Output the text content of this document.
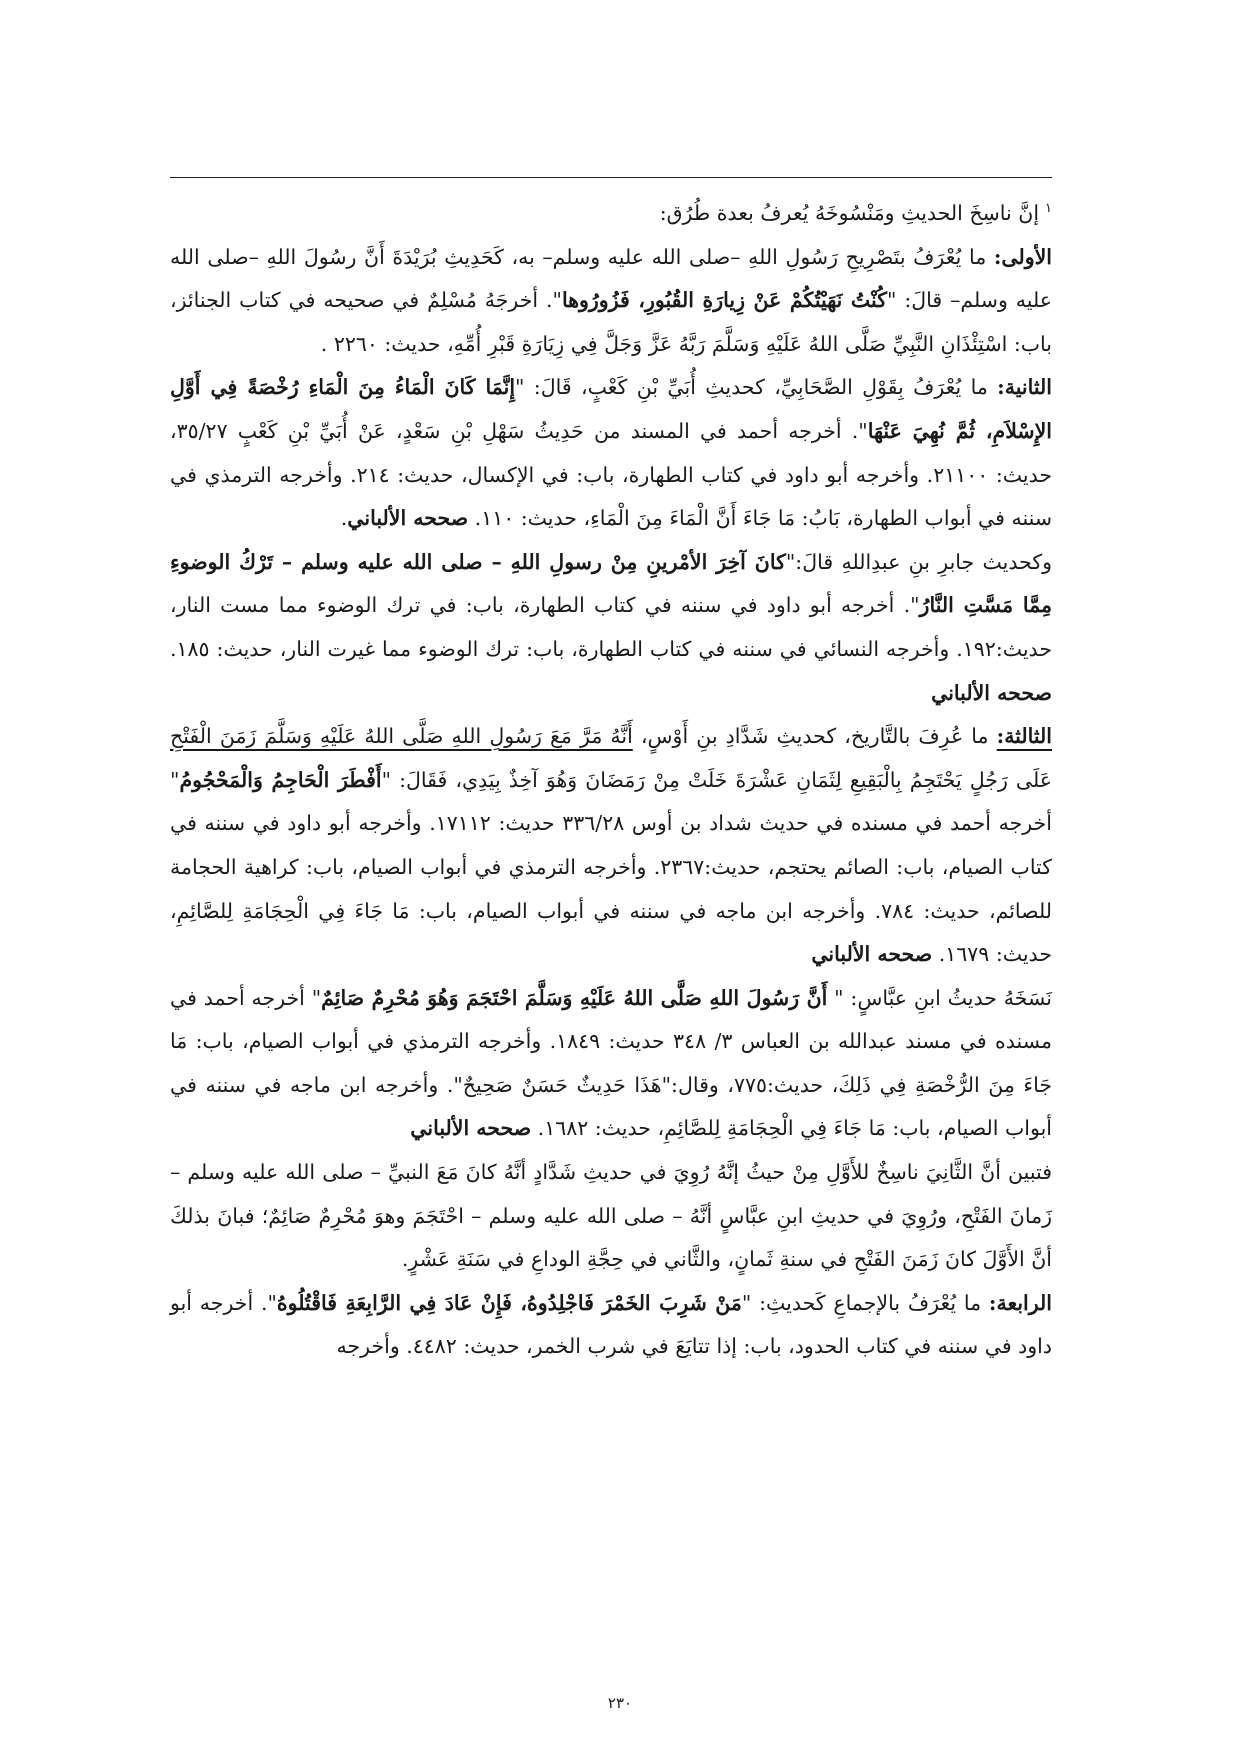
$^١$إنَّ ناسِخَ الحديثِ ومَنْسُوخَهُ يُعرفُ بعدة طُرُق:

الأولى: ما يُعْرَفُ بتَصْرِيحِ رَسُولِ اللهِ –صلى الله عليه وسلم– به، كَحَدِيثِ بُرَيْدَةَ أَنَّ رسُولَ اللهِ –صلى الله عليه وسلم– قالَ: "كُنْتُ نَهَيْتُكُمْ عَنْ زِيارَةِ القُبُورِ، فَزُورُوها". أخرجَهُ مُسْلِمٌ في صحيحه في كتاب الجنائز، باب: اسْتِئْذَانِ النَّبِيِّ صَلَّى اللهُ عَلَيْهِ وَسَلَّمَ رَبَّهُ عَزَّ وَجَلَّ فِي زِيَارَةِ قَبْرِ أُمِّهِ، حديث: ٢٢٦٠ .

الثانية: ما يُعْرَفُ بِقَوْلِ الصَّحَابِيِّ، كحديثِ أُبَيِّ بْنِ كَعْبٍ، قَالَ: "إِنَّمَا كَانَ الْمَاءُ مِنَ الْمَاءِ رُخْصَةً فِي أَوَّلِ الإِسْلاَمِ، ثُمَّ نُهِيَ عَنْهَا". أخرجه أحمد في المسند من حَدِيثُ سَهْلِ بْنِ سَعْدٍ، عَنْ أُبَيِّ بْنِ كَعْبٍ ٣٥/٢٧، حديث: ٢١١٠٠. وأخرجه أبو داود في كتاب الطهارة، باب: في الإكسال، حديث: ٢١٤. وأخرجه الترمذي في سننه في أبواب الطهارة، بَابُ: مَا جَاءَ أَنَّ الْمَاءَ مِنَ الْمَاءِ، حديث: ١١٠. صححه الألباني.

وكحديث جابرِ بنِ عبدِاللهِ قالَ:"كانَ آخِرَ الأمْرينِ مِنْ رسولِ اللهِ – صلى الله عليه وسلم – تَرْكُ الوضوءِ مِمَّا مَسَّتِ النَّارُ". أخرجه أبو داود في سننه في كتاب الطهارة، باب: في ترك الوضوء مما مست النار، حديث:١٩٢. وأخرجه النسائي في سننه في كتاب الطهارة، باب: ترك الوضوء مما غيرت النار، حديث: ١٨٥. صححه الألباني

الثالثة: ما عُرِفَ بالتَّاريخ، كحديثِ شَدَّادِ بنِ أَوْسٍ، أَنَّهُ مَرَّ مَعَ رَسُولِ اللهِ صَلَّى اللهُ عَلَيْهِ وَسَلَّمَ زَمَنَ الْفَتْحِ عَلَى رَجُلٍ يَحْتَجِمُ بِالْبَقِيعِ لِثَمَانِ عَشْرَةَ خَلَتْ مِنْ رَمَضَانَ وَهُوَ آخِذٌ بِيَدِي، فَقَالَ: "أَفْطَرَ الْحَاجِمُ وَالْمَحْجُومُ" أخرجه أحمد في مسنده في حديث شداد بن أوس ٣٣٦/٢٨ حديث: ١٧١١٢. وأخرجه أبو داود في سننه في كتاب الصيام، باب: الصائم يحتجم، حديث:٢٣٦٧. وأخرجه الترمذي في أبواب الصيام، باب: كراهية الحجامة للصائم، حديث: ٧٨٤. وأخرجه ابن ماجه في سننه في أبواب الصيام، باب: مَا جَاءَ فِي الْحِجَامَةِ لِلصَّائِمِ، حديث: ١٦٧٩. صححه الألباني

نَسَخَهُ حديثُ ابنِ عبَّاسٍ: " أَنَّ رَسُولَ اللهِ صَلَّى اللهُ عَلَيْهِ وَسَلَّمَ احْتَجَمَ وَهُوَ مُحْرِمٌ صَائِمٌ" أخرجه أحمد في مسنده في مسند عبدالله بن العباس ٣/ ٣٤٨ حديث: ١٨٤٩. وأخرجه الترمذي في أبواب الصيام، باب: مَا جَاءَ مِنَ الرُّخْصَةِ فِي ذَلِكَ، حديث:٧٧٥، وقال:"هَذَا حَدِيثٌ حَسَنٌ صَحِيحٌ". وأخرجه ابن ماجه في سننه في أبواب الصيام، باب: مَا جَاءَ فِي الْحِجَامَةِ لِلصَّائِمِ، حديث: ١٦٨٢. صححه الألباني

فتبين أنَّ الثَّانِيَ ناسِخٌ للأَوَّلِ مِنْ حيثُ إنَّهُ رُوِيَ في حديثِ شَدَّادٍ أنَّهُ كانَ مَعَ النبيِّ – صلى الله عليه وسلم – زَمانَ الفَتْحِ، ورُوِيَ في حديثِ ابنِ عبَّاسٍ أنَّهُ – صلى الله عليه وسلم – احْتَجَمَ وهوَ مُحْرِمٌ صَائِمٌ؛ فبانَ بذلكَ أنَّ الأَوَّلَ كانَ زَمَنَ الفَتْحِ في سنةِ ثَمانٍ، والثَّاني في حِجَّةِ الوداعِ في سَنَةِ عَشْرٍ.

الرابعة: ما يُعْرَفُ بالإجماعِ كَحديثِ: "مَنْ شَرِبَ الخَمْرَ فَاجْلِدُوهُ، فَإِنْ عَادَ فِي الرَّابِعَةِ فَاقْتُلُوهُ". أخرجه أبو داود في سننه في كتاب الحدود، باب: إذا تتايَعَ في شرب الخمر، حديث: ٤٤٨٢. وأخرجه

٢٣٠
